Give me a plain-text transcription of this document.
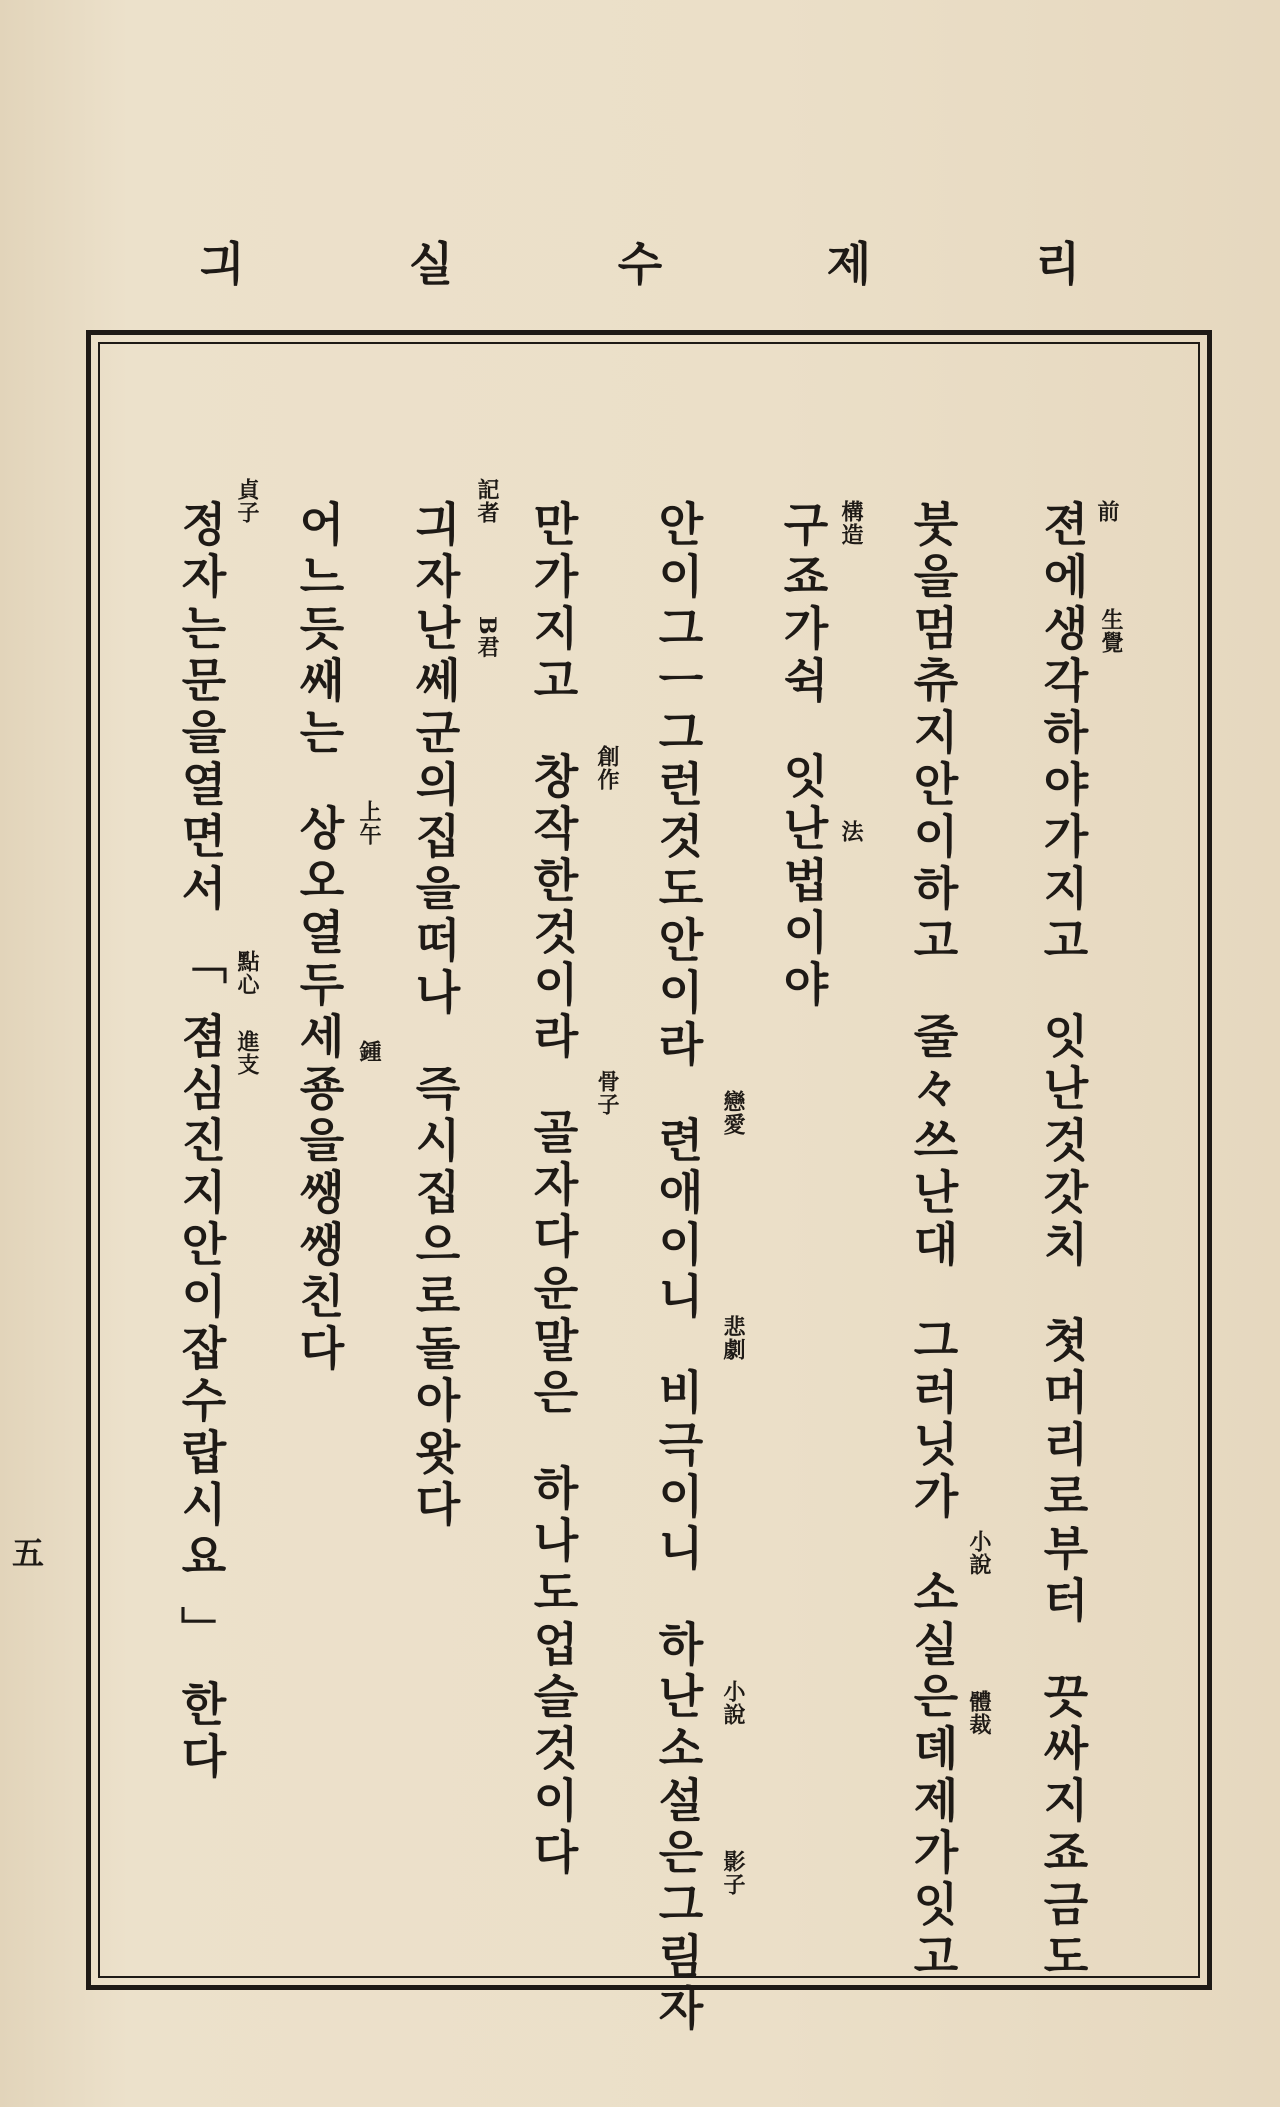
리
제
수
실
긔
젼에생각하야가지고  잇난것갓치  쳣머리로부터  끗싸지죠금도
붓을멈츄지안이하고  줄々쓰난대  그러닛가  소실은뎨제가잇고
구죠가쉭  잇난법이야
안이그ㅡ그런것도안이라  련애이니  비극이니  하난소설은그림자
만가지고  창작한것이라  골자다운말은  하나도업슬것이다
긔자난쎄군의집을떠나  즉시집으로돌아왓다
어느듯쌔는  상오열두세죵을쌩쌩친다
정자는문을열면서 「 졈심진지안이잡수랍시요 」 한다	前
生覺
小說
體裁
構造
法
戀愛
悲劇
小說
影子
創作
骨子
記者
B君
上午
鍾
貞子
點心
進支
五
